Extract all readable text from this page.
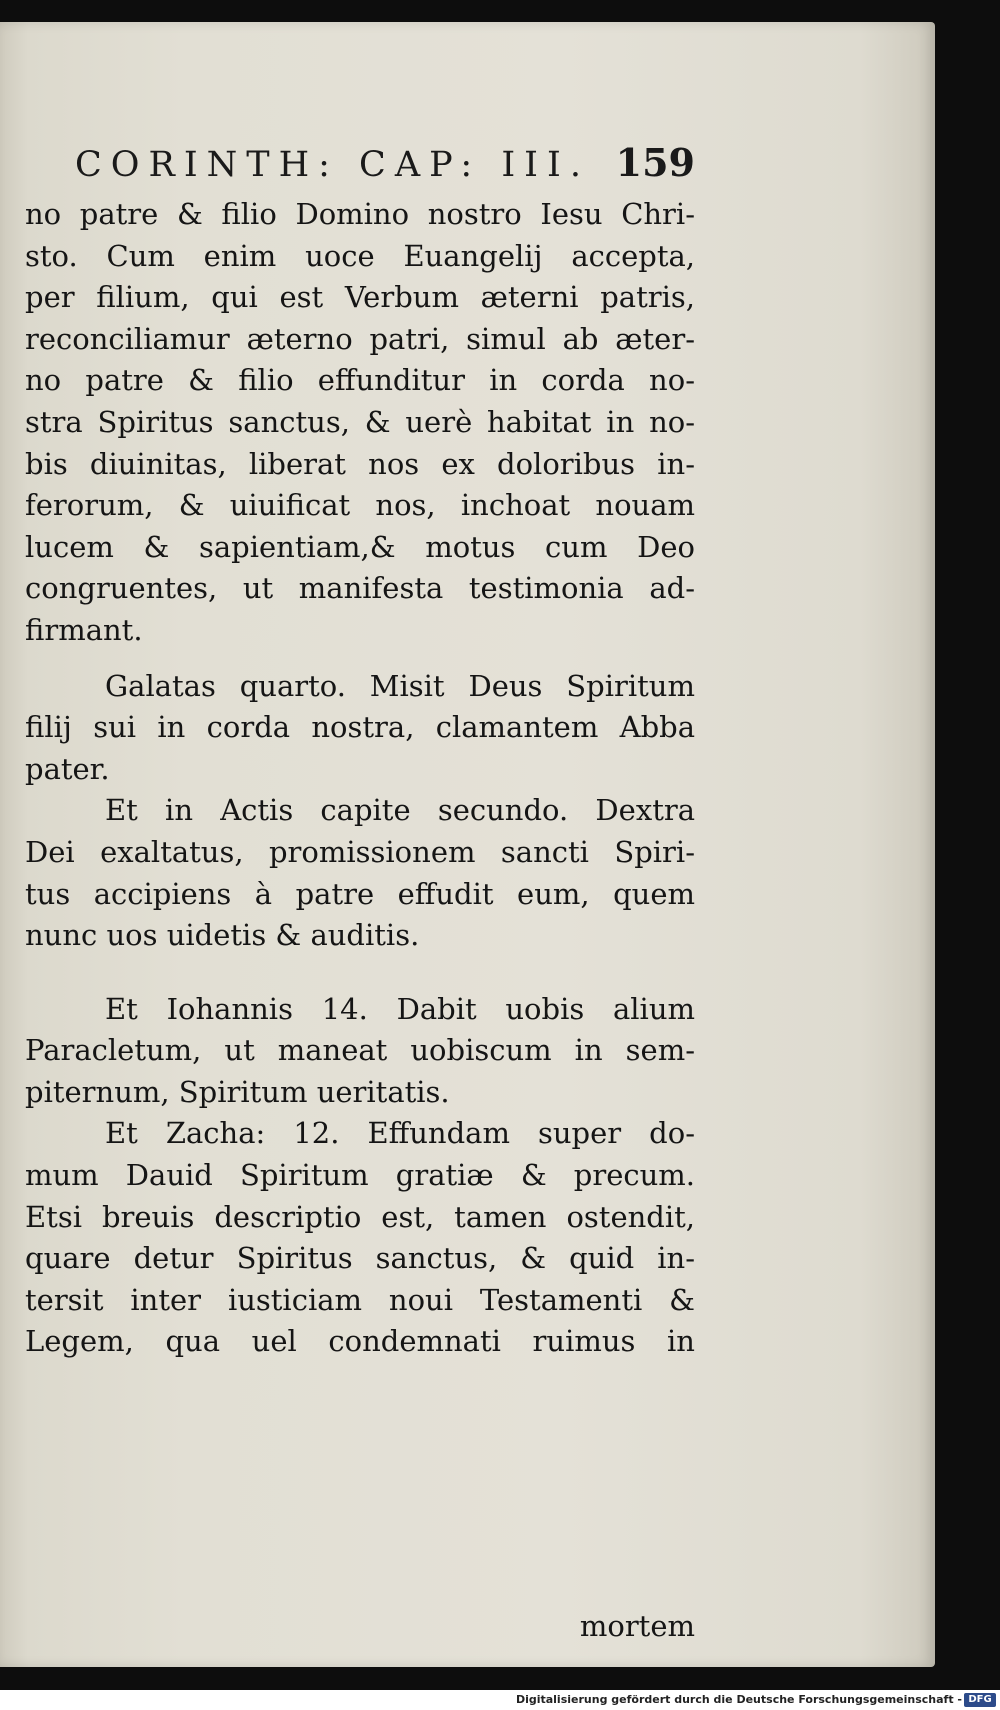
CORINTH: CAP: III. 159
no patre & filio Domino nostro Iesu Chri-
sto. Cum enim uoce Euangelij accepta,
per filium, qui est Verbum æterni patris,
reconciliamur æterno patri, simul ab æter-
no patre & filio effunditur in corda no-
stra Spiritus sanctus, & uerè habitat in no-
bis diuinitas, liberat nos ex doloribus in-
ferorum, & uiuificat nos, inchoat nouam
lucem & sapientiam,& motus cum Deo
congruentes, ut manifesta testimonia ad-
firmant.
Galatas quarto. Misit Deus Spiritum
filij sui in corda nostra, clamantem Abba
pater.
Et in Actis capite secundo. Dextra
Dei exaltatus, promissionem sancti Spiri-
tus accipiens à patre effudit eum, quem
nunc uos uidetis & auditis.
Et Iohannis 14. Dabit uobis alium
Paracletum, ut maneat uobiscum in sem-
piternum, Spiritum ueritatis.
Et Zacha: 12. Effundam super do-
mum Dauid Spiritum gratiæ & precum.
Etsi breuis descriptio est, tamen ostendit,
quare detur Spiritus sanctus, & quid in-
tersit inter iusticiam noui Testamenti &
Legem, qua uel condemnati ruimus in
mortem
Digitalisierung gefördert durch die Deutsche Forschungsgemeinschaft - DFG
